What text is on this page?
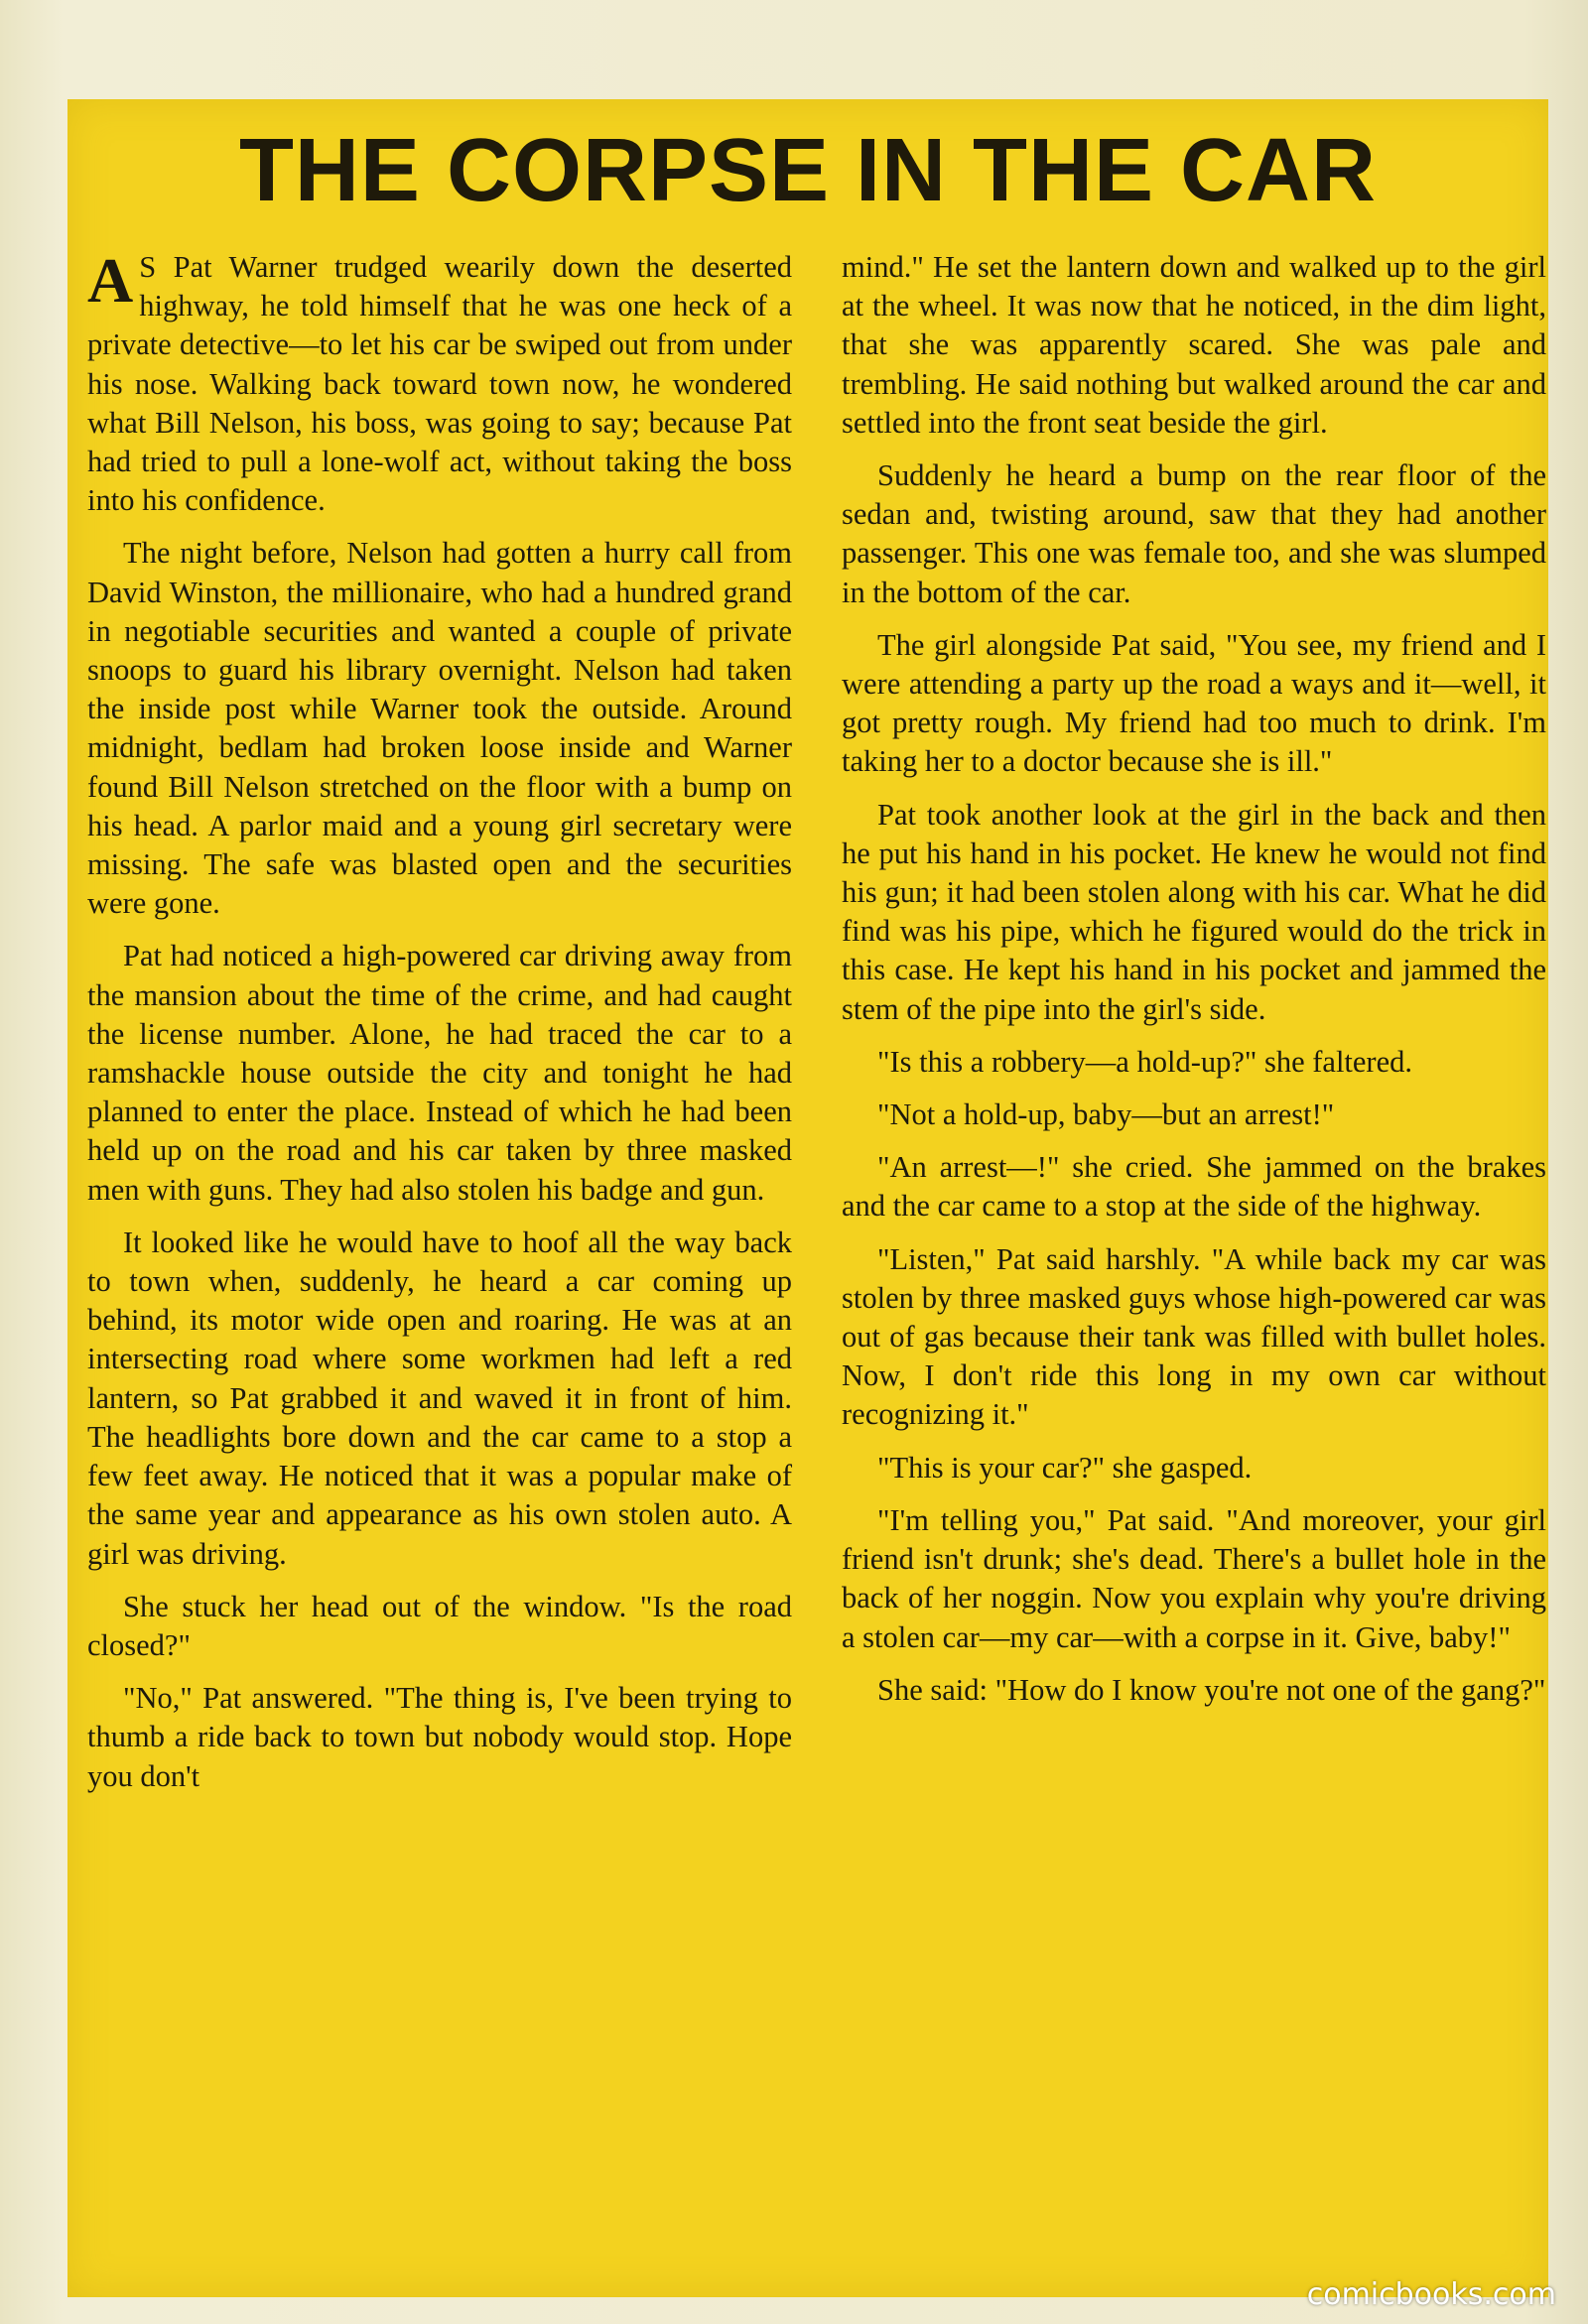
THE CORPSE IN THE CAR

A S Pat Warner trudged wearily down the deserted highway, he told himself that he was one heck of a private detective—to let his car be swiped out from under his nose. Walking back toward town now, he wondered what Bill Nelson, his boss, was going to say; because Pat had tried to pull a lone-wolf act, without taking the boss into his confidence.

The night before, Nelson had gotten a hurry call from David Winston, the millionaire, who had a hundred grand in negotiable securities and wanted a couple of private snoops to guard his library overnight. Nelson had taken the inside post while Warner took the outside. Around midnight, bedlam had broken loose inside and Warner found Bill Nelson stretched on the floor with a bump on his head. A parlor maid and a young girl secretary were missing. The safe was blasted open and the securities were gone.

Pat had noticed a high-powered car driving away from the mansion about the time of the crime, and had caught the license number. Alone, he had traced the car to a ramshackle house outside the city and tonight he had planned to enter the place. Instead of which he had been held up on the road and his car taken by three masked men with guns. They had also stolen his badge and gun.

It looked like he would have to hoof all the way back to town when, suddenly, he heard a car coming up behind, its motor wide open and roaring. He was at an intersecting road where some workmen had left a red lantern, so Pat grabbed it and waved it in front of him. The headlights bore down and the car came to a stop a few feet away. He noticed that it was a popular make of the same year and appearance as his own stolen auto. A girl was driving.

She stuck her head out of the window. "Is the road closed?"

"No," Pat answered. "The thing is, I've been trying to thumb a ride back to town but nobody would stop. Hope you don't

mind." He set the lantern down and walked up to the girl at the wheel. It was now that he noticed, in the dim light, that she was apparently scared. She was pale and trembling. He said nothing but walked around the car and settled into the front seat beside the girl.

Suddenly he heard a bump on the rear floor of the sedan and, twisting around, saw that they had another passenger. This one was female too, and she was slumped in the bottom of the car.

The girl alongside Pat said, "You see, my friend and I were attending a party up the road a ways and it—well, it got pretty rough. My friend had too much to drink. I'm taking her to a doctor because she is ill."

Pat took another look at the girl in the back and then he put his hand in his pocket. He knew he would not find his gun; it had been stolen along with his car. What he did find was his pipe, which he figured would do the trick in this case. He kept his hand in his pocket and jammed the stem of the pipe into the girl's side.

"Is this a robbery—a hold-up?" she faltered.

"Not a hold-up, baby—but an arrest!"

"An arrest—!" she cried. She jammed on the brakes and the car came to a stop at the side of the highway.

"Listen," Pat said harshly. "A while back my car was stolen by three masked guys whose high-powered car was out of gas because their tank was filled with bullet holes. Now, I don't ride this long in my own car without recognizing it."

"This is your car?" she gasped.

"I'm telling you," Pat said. "And moreover, your girl friend isn't drunk; she's dead. There's a bullet hole in the back of her noggin. Now you explain why you're driving a stolen car—my car—with a corpse in it. Give, baby!"

She said: "How do I know you're not one of the gang?"

comicbooks.com
